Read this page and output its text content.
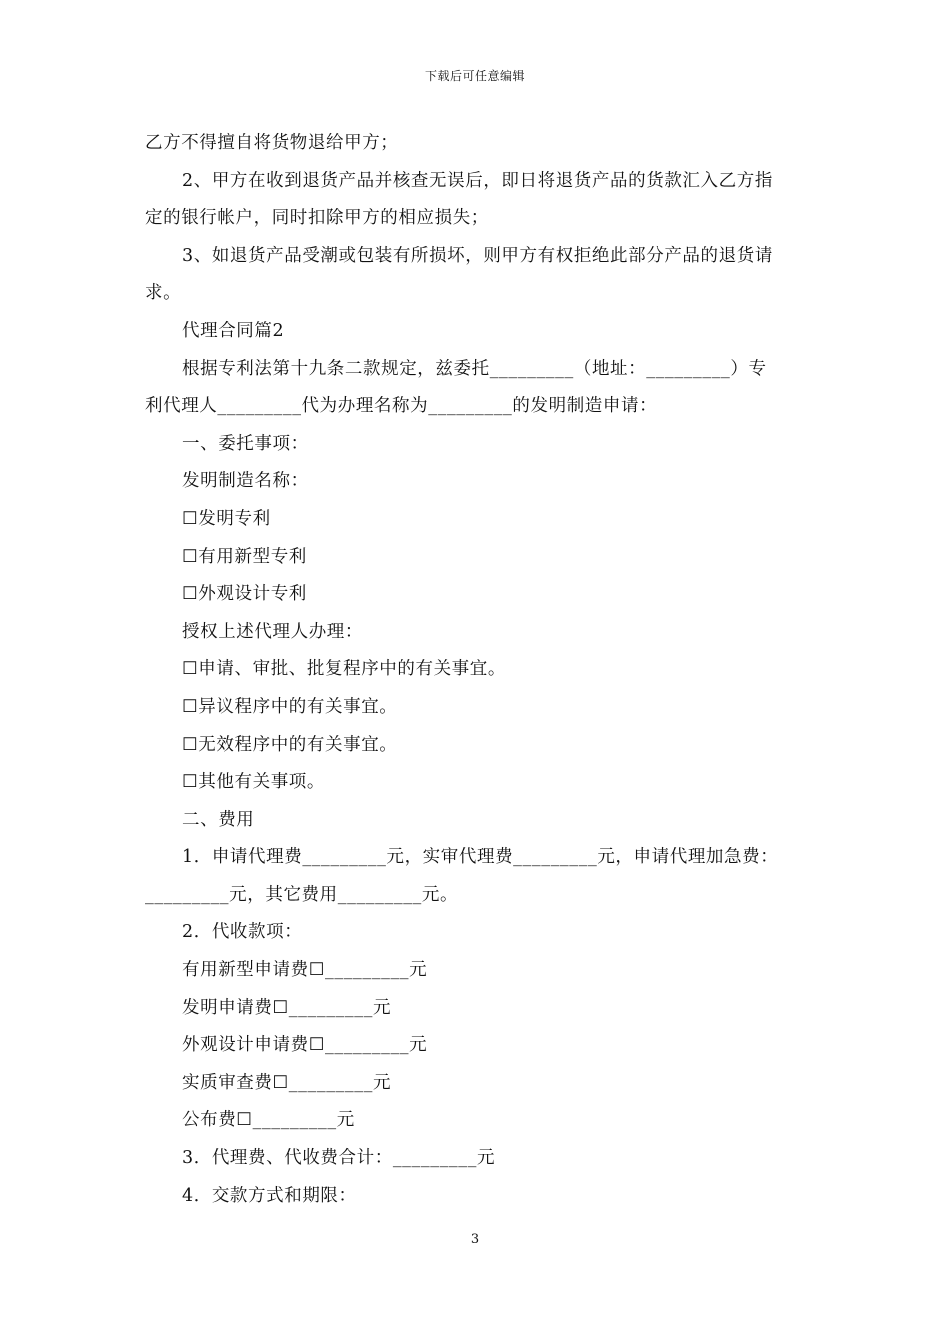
下载后可任意编辑
乙方不得擅自将货物退给甲方；
2、甲方在收到退货产品并核查无误后，即日将退货产品的货款汇入乙方指
定的银行帐户，同时扣除甲方的相应损失；
3、如退货产品受潮或包装有所损坏，则甲方有权拒绝此部分产品的退货请
求。
代理合同篇2
根据专利法第十九条二款规定，兹委托_________（地址：_________）专
利代理人_________代为办理名称为_________的发明制造申请：
一、委托事项：
发明制造名称：
☐发明专利
☐有用新型专利
☐外观设计专利
授权上述代理人办理：
☐申请、审批、批复程序中的有关事宜。
☐异议程序中的有关事宜。
☐无效程序中的有关事宜。
☐其他有关事项。
二、费用
1．申请代理费_________元，实审代理费_________元，申请代理加急费：
_________元，其它费用_________元。
2．代收款项：
有用新型申请费☐_________元
发明申请费☐_________元
外观设计申请费☐_________元
实质审查费☐_________元
公布费☐_________元
3．代理费、代收费合计：_________元
4．交款方式和期限：
3
